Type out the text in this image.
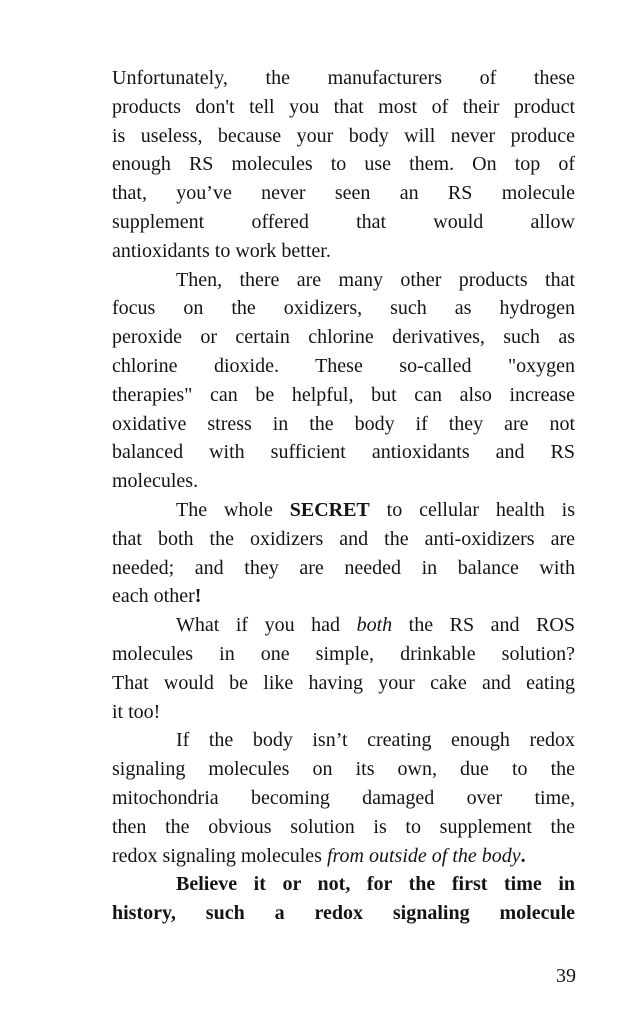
Unfortunately, the manufacturers of these
products don't tell you that most of their product
is useless, because your body will never produce
enough RS molecules to use them. On top of
that, you’ve never seen an RS molecule
supplement offered that would allow
antioxidants to work better.
Then, there are many other products that
focus on the oxidizers, such as hydrogen
peroxide or certain chlorine derivatives, such as
chlorine dioxide. These so-called "oxygen
therapies" can be helpful, but can also increase
oxidative stress in the body if they are not
balanced with sufficient antioxidants and RS
molecules.
The whole SECRET to cellular health is
that both the oxidizers and the anti-oxidizers are
needed; and they are needed in balance with
each other!
What if you had both the RS and ROS
molecules in one simple, drinkable solution?
That would be like having your cake and eating
it too!
If the body isn’t creating enough redox
signaling molecules on its own, due to the
mitochondria becoming damaged over time,
then the obvious solution is to supplement the
redox signaling molecules from outside of the body.
Believe it or not, for the first time in
history, such a redox signaling molecule
39
